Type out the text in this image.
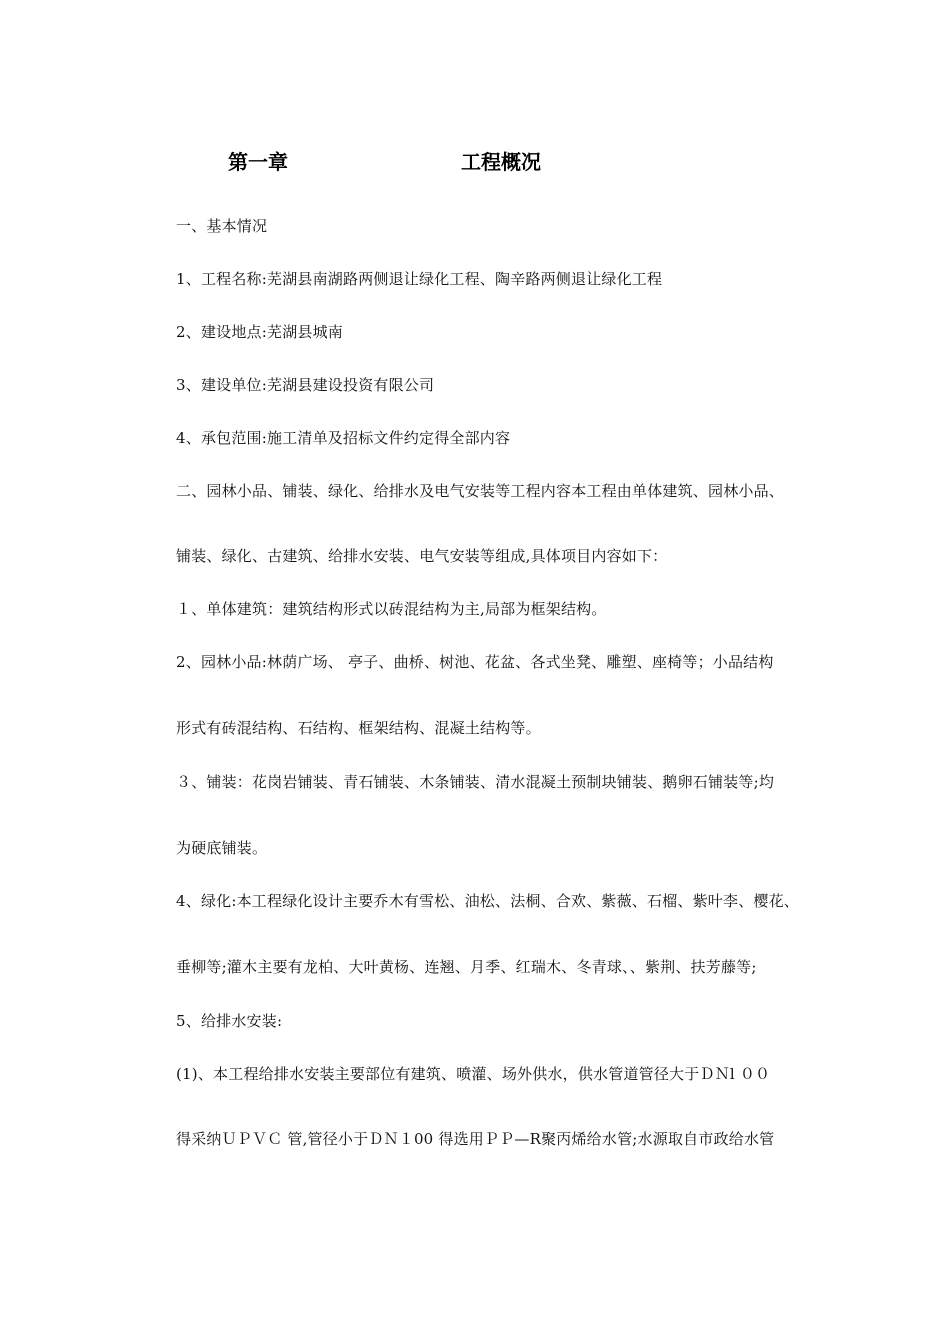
第一章	工程概况
一、基本情况
1、工程名称:芜湖县南湖路两侧退让绿化工程、陶辛路两侧退让绿化工程
2、建设地点:芜湖县城南
3、建设单位:芜湖县建设投资有限公司
4、承包范围:施工清单及招标文件约定得全部内容
二、园林小品、铺装、绿化、给排水及电气安装等工程内容本工程由单体建筑、园林小品、
铺装、绿化、古建筑、给排水安装、电气安装等组成,具体项目内容如下：
１、单体建筑：建筑结构形式以砖混结构为主,局部为框架结构。
2、园林小品:林荫广场、 亭子、曲桥、树池、花盆、各式坐凳、雕塑、座椅等；小品结构
形式有砖混结构、石结构、框架结构、混凝土结构等。
３、铺装：花岗岩铺装、青石铺装、木条铺装、清水混凝土预制块铺装、鹅卵石铺装等;均
为硬底铺装。
4、绿化:本工程绿化设计主要乔木有雪松、油松、法桐、合欢、紫薇、石榴、紫叶李、樱花、
垂柳等;灌木主要有龙柏、大叶黄杨、连翘、月季、红瑞木、冬青球、、紫荆、扶芳藤等;
5、给排水安装:
(1)、本工程给排水安装主要部位有建筑、喷灌、场外供水，供水管道管径大于ＤＮl ００
得采纳ＵＰＶＣ 管,管径小于ＤＮ１00 得选用ＰＰ—R聚丙烯给水管;水源取自市政给水管
